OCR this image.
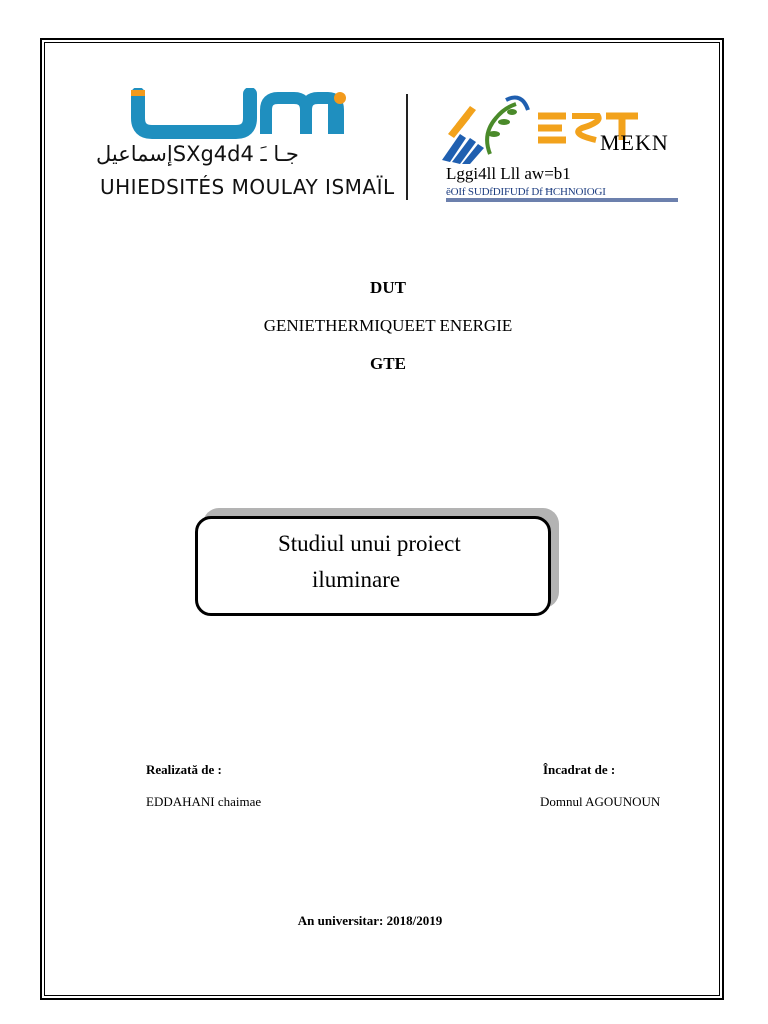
جـا ﹷ SXg4d4إسماعيل
UHIEDSITÉS MOULAY ISMAÏL
MEKN
Lggi4ll Lll aw=b1
ĕOIf SUDfDIFUDf Df ĦCHNOIOGI
DUT
GENIETHERMIQUEET ENERGIE
GTE
Studiul unui proiect
iluminare
Realizată de :	Încadrat de :
EDDAHANI chaimae	Domnul AGOUNOUN
An universitar: 2018/2019
